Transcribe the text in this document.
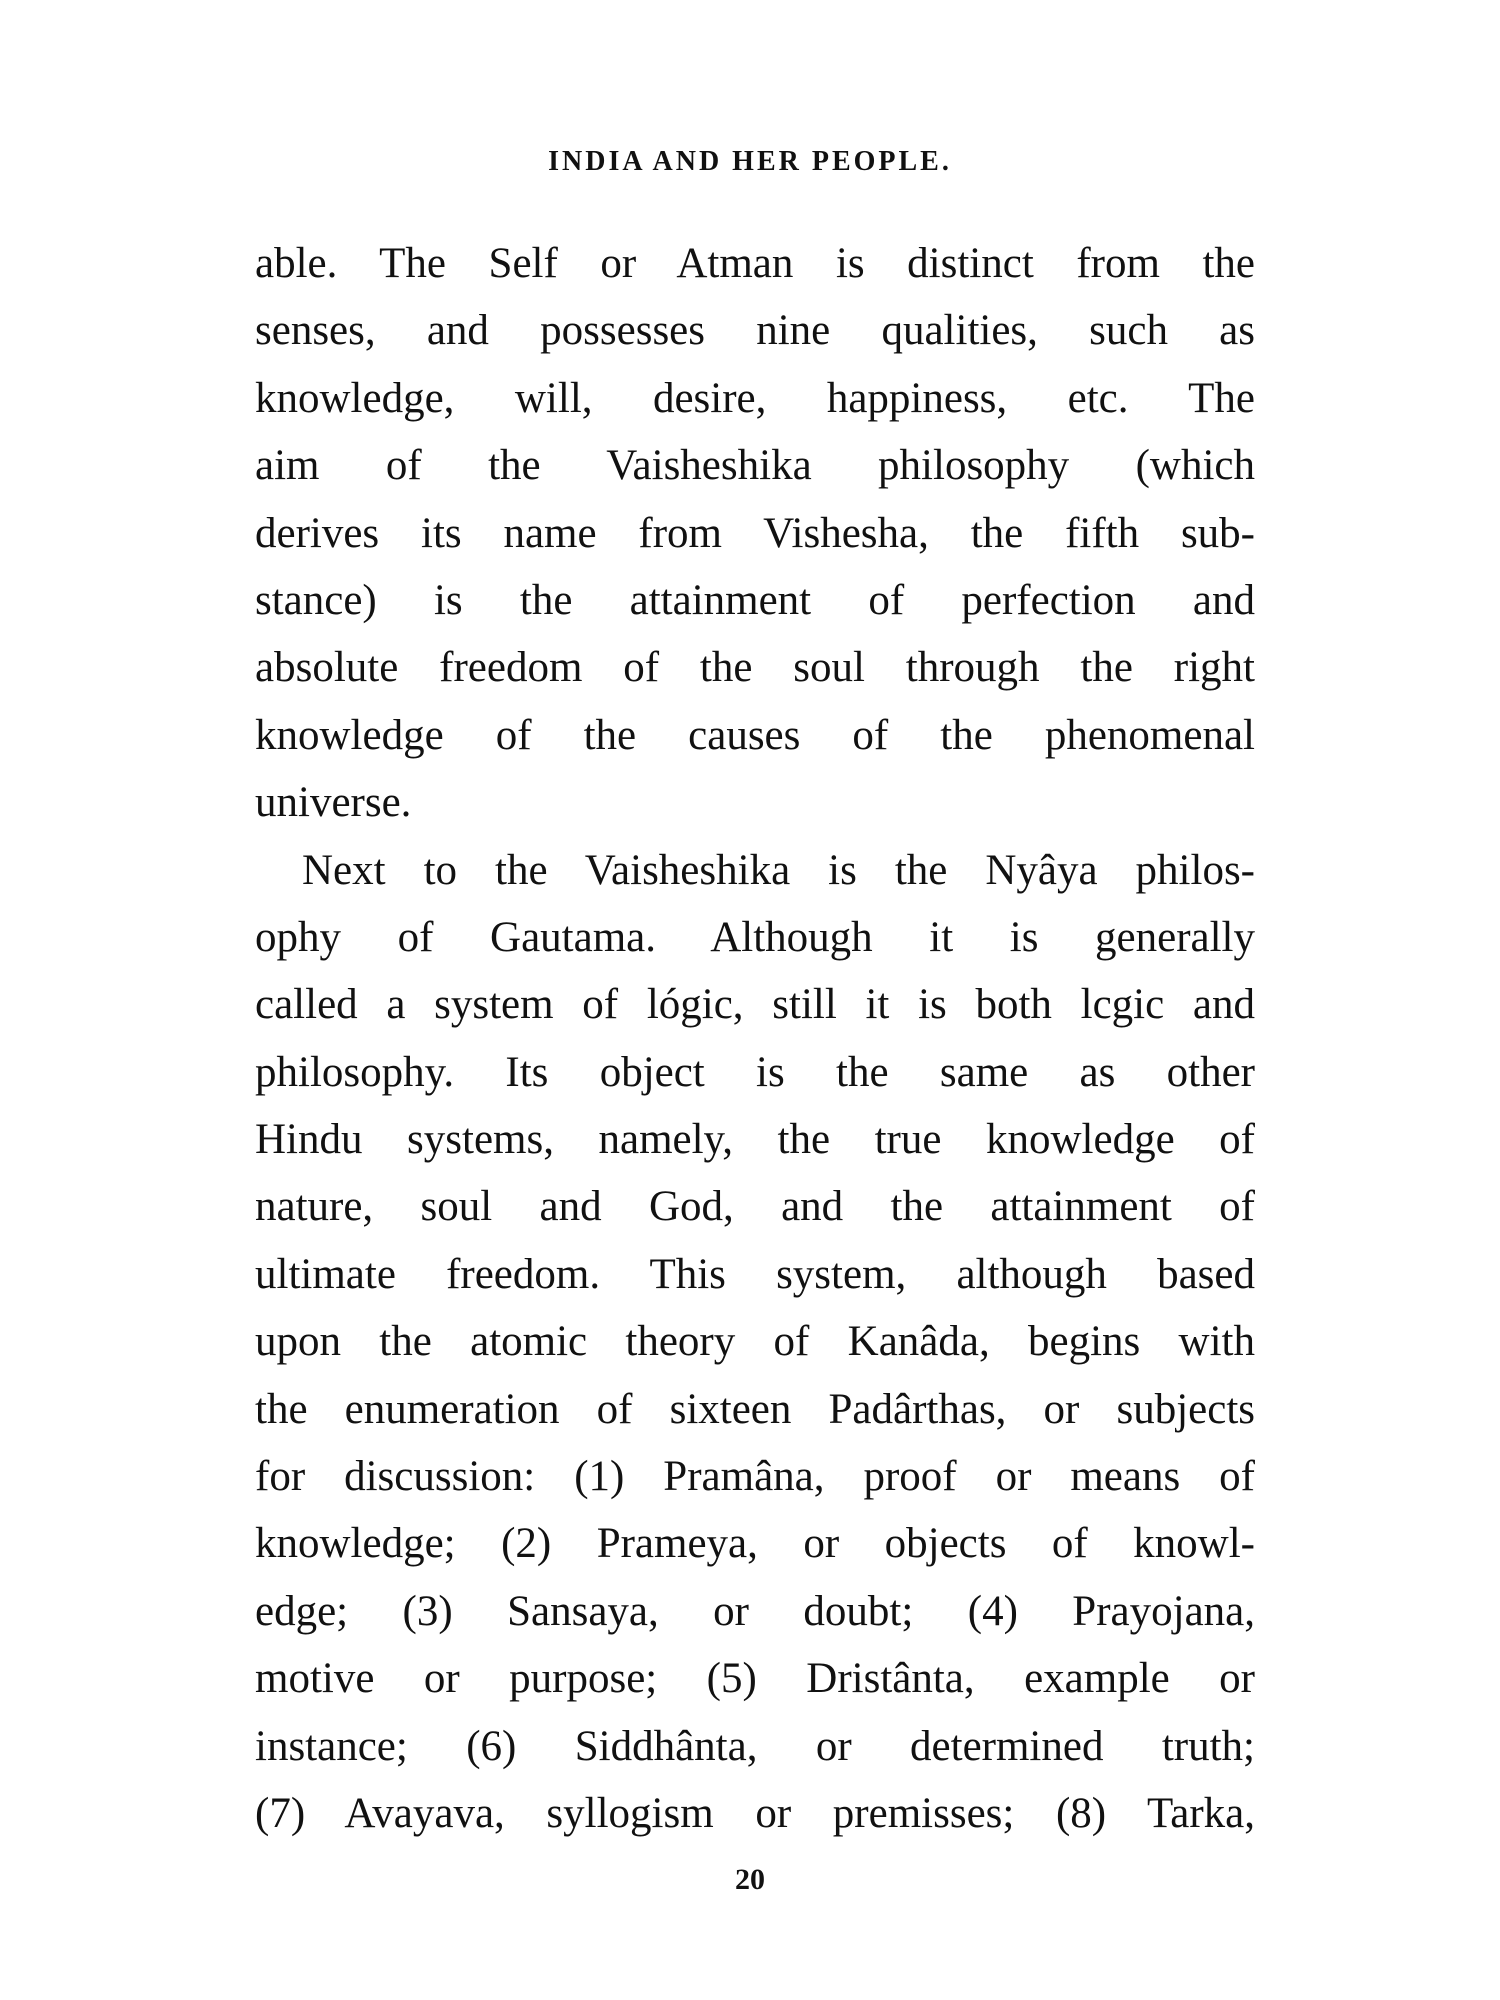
INDIA AND HER PEOPLE.
able. The Self or Atman is distinct from the
senses, and possesses nine qualities, such as
knowledge, will, desire, happiness, etc. The
aim of the Vaisheshika philosophy (which
derives its name from Vishesha, the fifth sub-
stance) is the attainment of perfection and
absolute freedom of the soul through the right
knowledge of the causes of the phenomenal
universe.
Next to the Vaisheshika is the Nyâya philos-
ophy of Gautama. Although it is generally
called a system of lógic, still it is both lcgic and
philosophy. Its object is the same as other
Hindu systems, namely, the true knowledge of
nature, soul and God, and the attainment of
ultimate freedom. This system, although based
upon the atomic theory of Kanâda, begins with
the enumeration of sixteen Padârthas, or subjects
for discussion: (1) Pramâna, proof or means of
knowledge; (2) Prameya, or objects of knowl-
edge; (3) Sansaya, or doubt; (4) Prayojana,
motive or purpose; (5) Dristânta, example or
instance; (6) Siddhânta, or determined truth;
(7) Avayava, syllogism or premisses; (8) Tarka,
20
